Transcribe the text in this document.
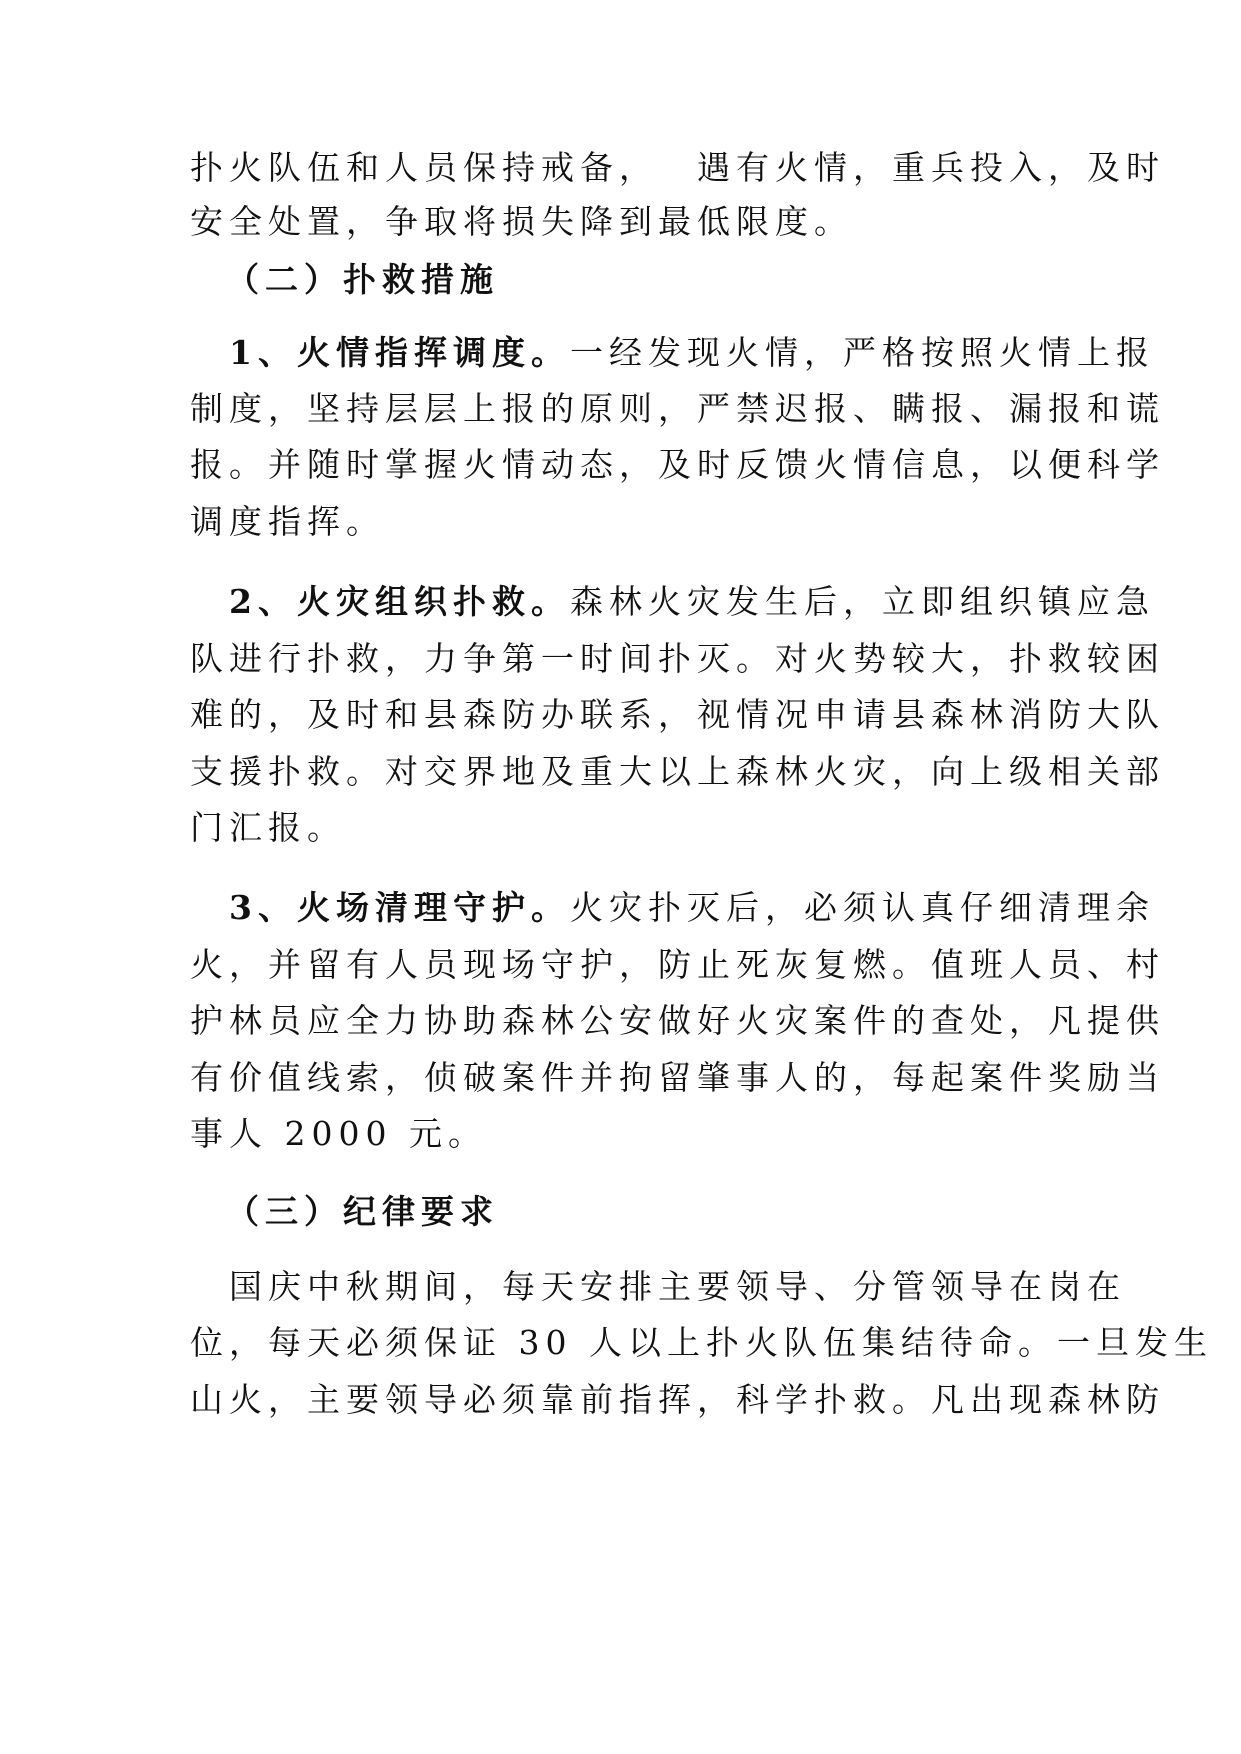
扑火队伍和人员保持戒备，　 遇有火情，重兵投入，及时

安全处置，争取将损失降到最低限度。

（二）扑救措施

1、火情指挥调度。一经发现火情，严格按照火情上报

制度，坚持层层上报的原则，严禁迟报、瞒报、漏报和谎

报。并随时掌握火情动态，及时反馈火情信息，以便科学

调度指挥。

2、火灾组织扑救。森林火灾发生后，立即组织镇应急

队进行扑救，力争第一时间扑灭。对火势较大，扑救较困

难的，及时和县森防办联系，视情况申请县森林消防大队

支援扑救。对交界地及重大以上森林火灾，向上级相关部

门汇报。

3、火场清理守护。火灾扑灭后，必须认真仔细清理余

火，并留有人员现场守护，防止死灰复燃。值班人员、村

护林员应全力协助森林公安做好火灾案件的查处，凡提供

有价值线索，侦破案件并拘留肇事人的，每起案件奖励当

事人 2000 元。

（三）纪律要求

国庆中秋期间，每天安排主要领导、分管领导在岗在

位，每天必须保证 30 人以上扑火队伍集结待命。一旦发生

山火，主要领导必须靠前指挥，科学扑救。凡出现森林防
